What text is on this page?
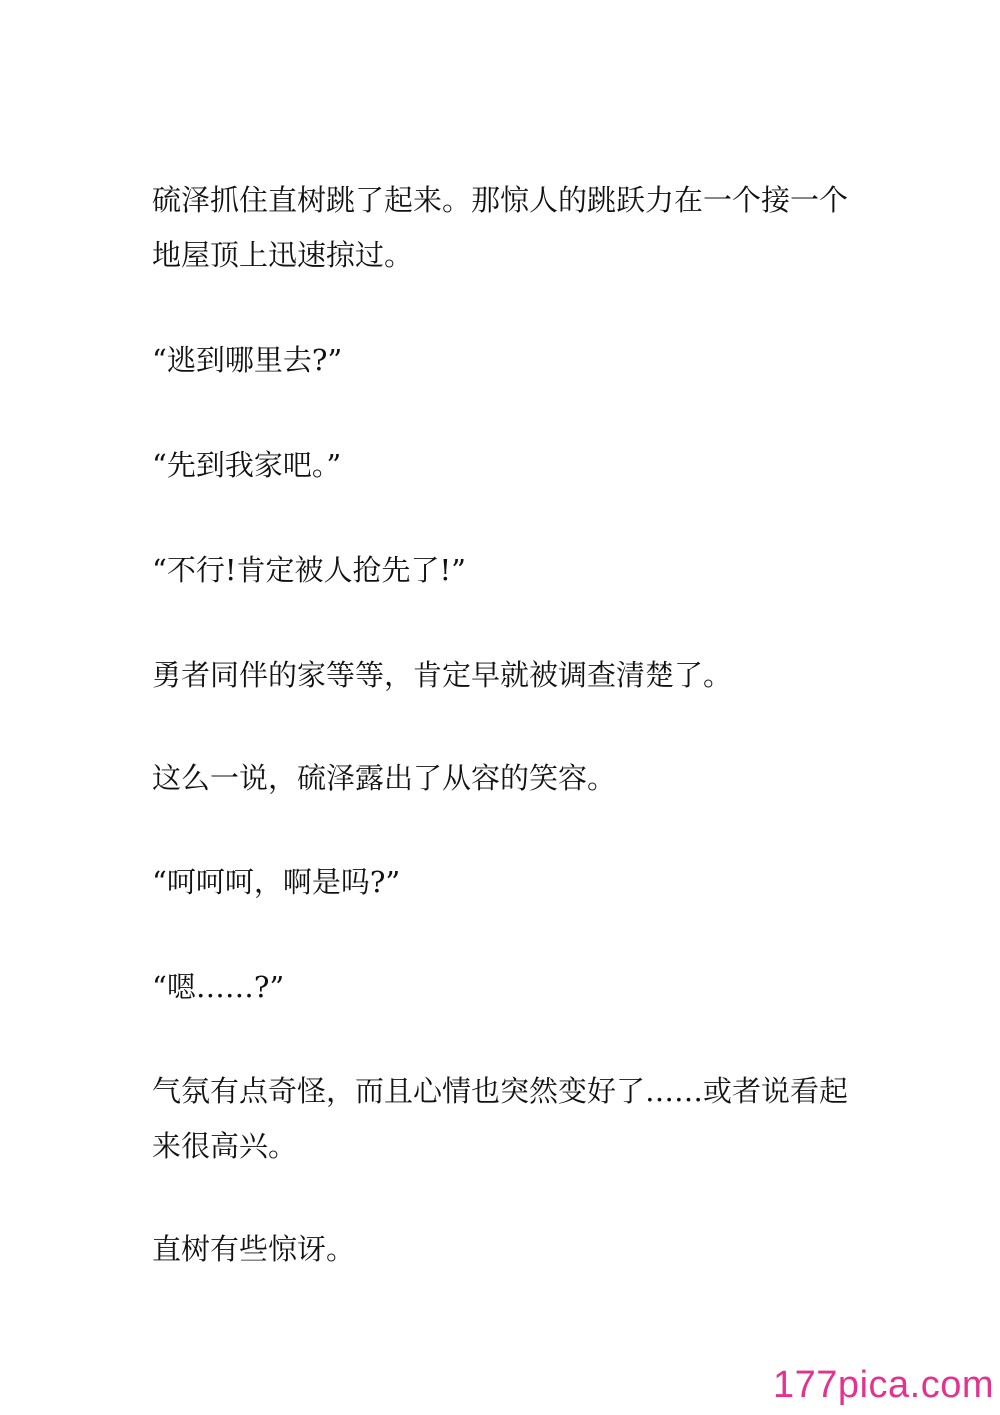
硫泽抓住直树跳了起来。那惊人的跳跃力在一个接一个地屋顶上迅速掠过。

“逃到哪里去?”

“先到我家吧。”

“不行!肯定被人抢先了!”

勇者同伴的家等等，肯定早就被调查清楚了。

这么一说，硫泽露出了从容的笑容。

“呵呵呵，啊是吗?”

“嗯……?”

气氛有点奇怪，而且心情也突然变好了……或者说看起来很高兴。

直树有些惊讶。

177pica.com
